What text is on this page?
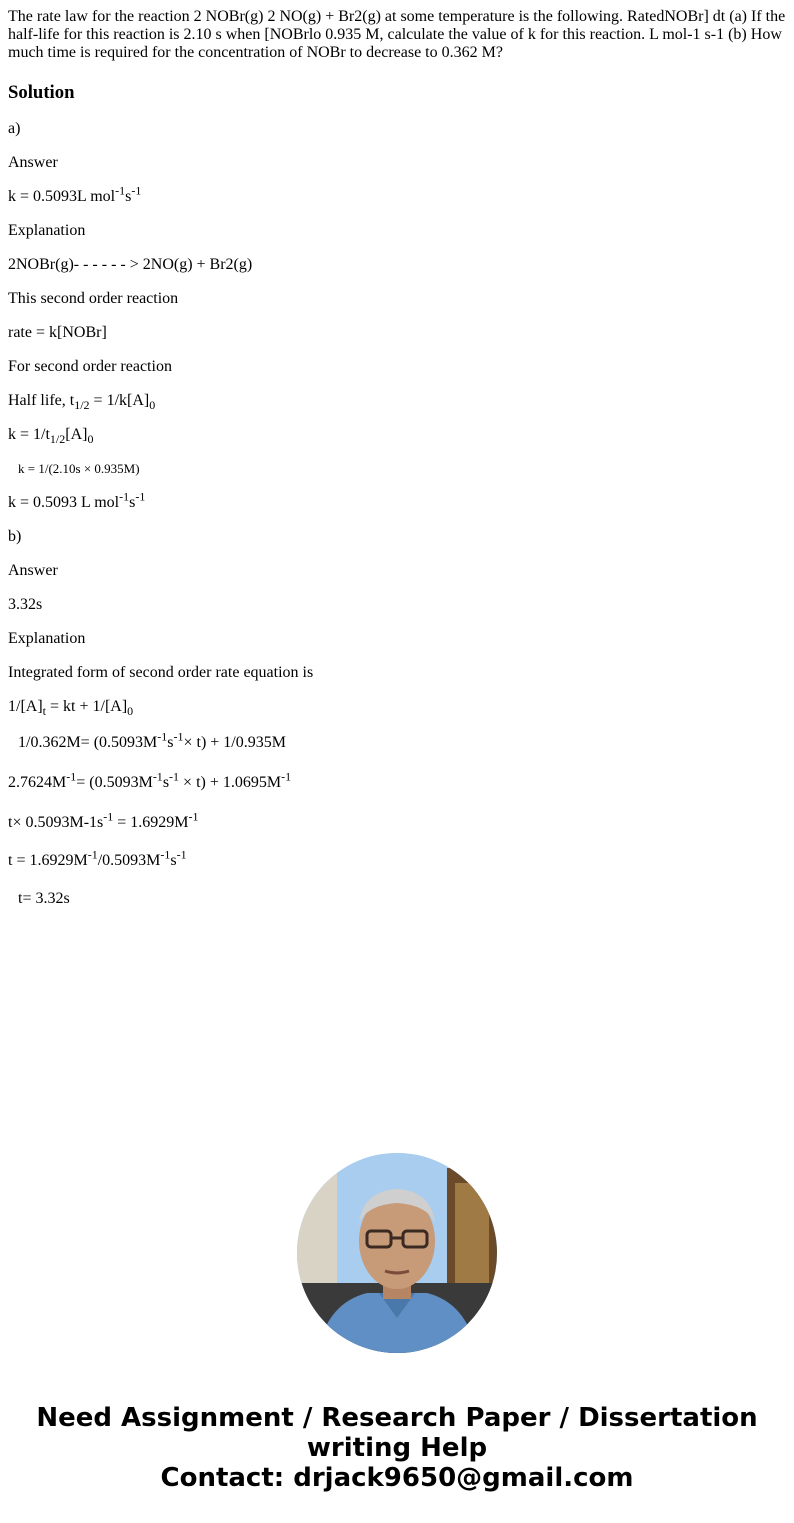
The rate law for the reaction 2 NOBr(g) 2 NO(g) + Br2(g) at some temperature is the following. RatedNOBr] dt (a) If the half-life for this reaction is 2.10 s when [NOBrlo 0.935 M, calculate the value of k for this reaction. L mol-1 s-1 (b) How much time is required for the concentration of NOBr to decrease to 0.362 M?
Solution

a)

Answer

k = 0.5093L $mol^{-1}s^{-1}$

Explanation

2NOBr(g)- - - - - - > 2NO(g) + Br2(g)

This second order reaction

rate = k[NOBr]

For second order reaction

Half life, $t_{1/2} = 1/k[A]_0$

$k = 1/t_{1/2}[A]_0$

k = 1/(2.10s × 0.935M)

k = 0.5093 L $mol^{-1}s^{-1}$

b)

Answer

3.32s

Explanation

Integrated form of second order rate equation is

$1/[A]_t$ = kt + $1/[A]_0$

$1/0.362M= (0.5093M^{-1}s^{-1}\times t) + 1/0.935M$

$2.7624M^{-1}= (0.5093M^{-1}s^{-1} \times t) + 1.0695M^{-1}$

$t\times 0.5093M-1s^{-1} = 1.6929M^{-1}$

$t = 1.6929M^{-1}/0.5093M^{-1}s^{-1}$

t= 3.32s

Need Assignment / Research Paper / Dissertation
writing Help
Contact: drjack9650@gmail.com
